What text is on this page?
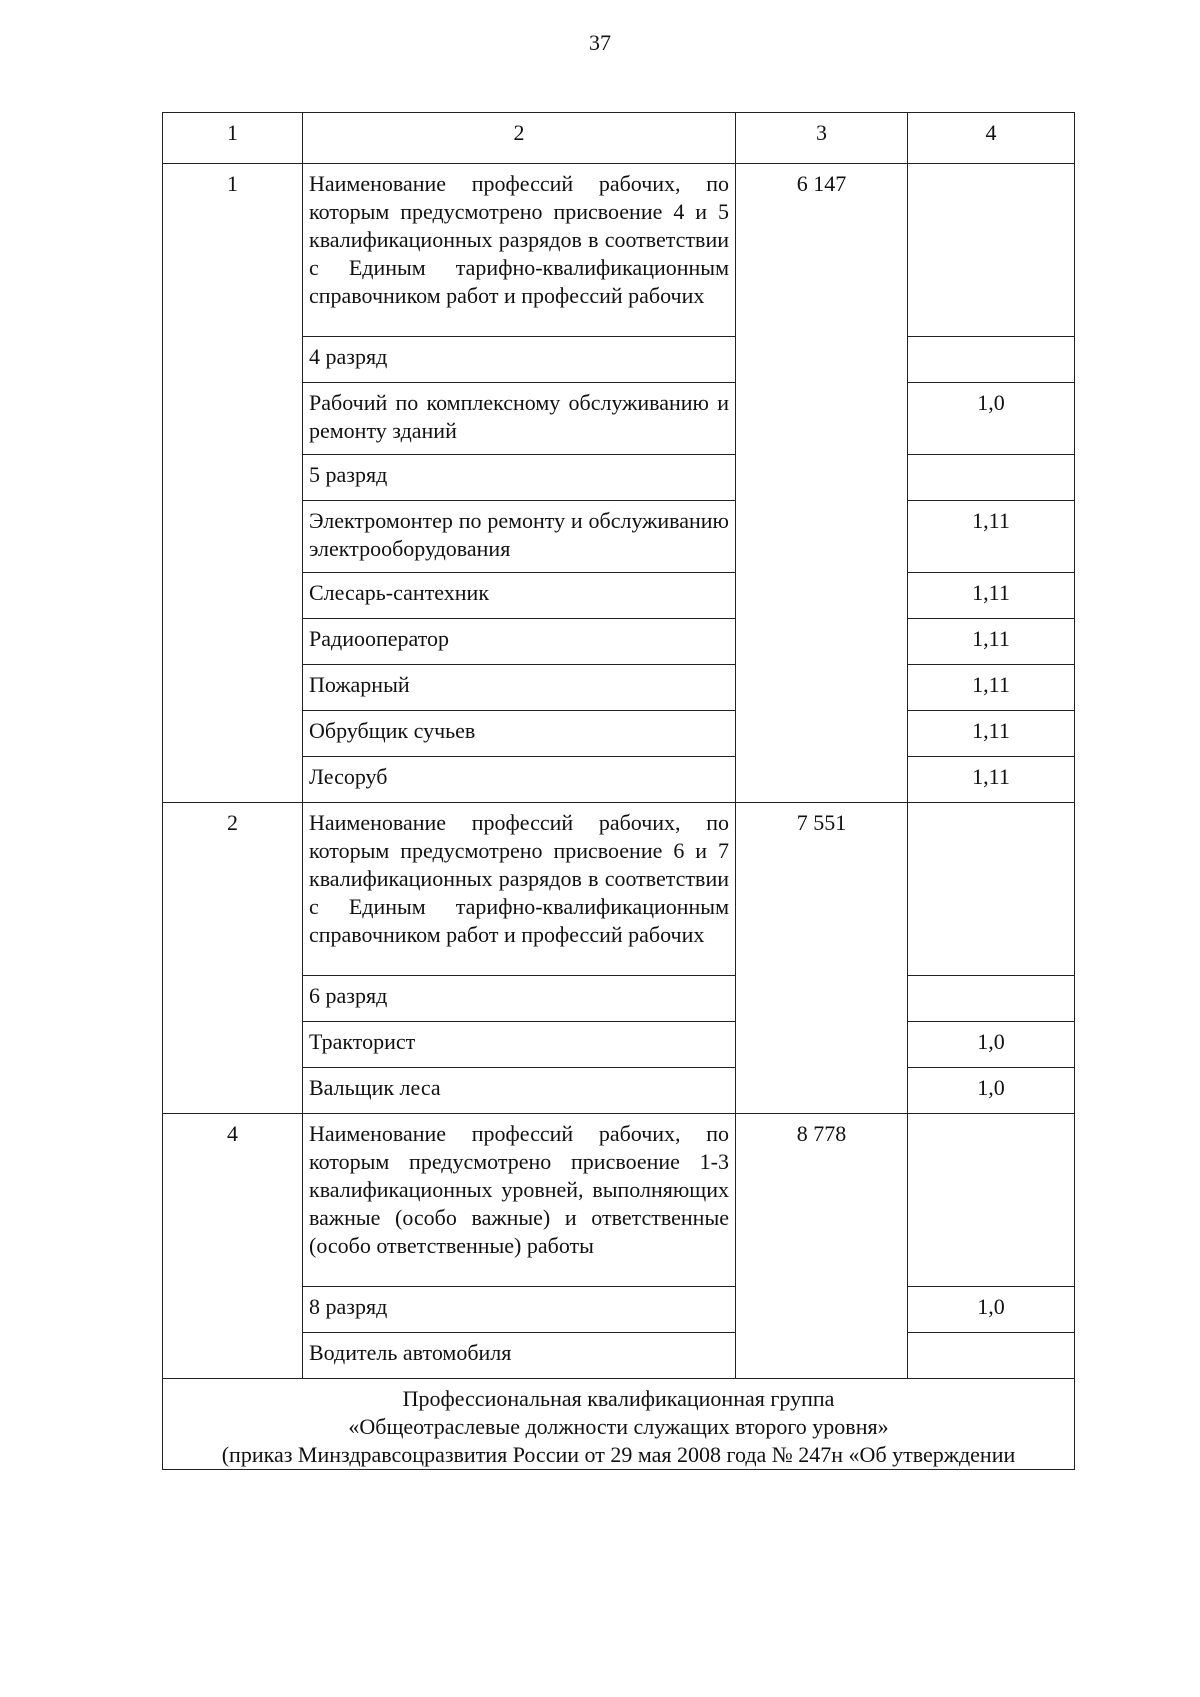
37
1	2	3	4
1	Наименование профессий рабочих, по которым предусмотрено присвоение 4 и 5 квалификационных разрядов в соответствии с Единым тарифно-квалификационным справочником работ и профессий рабочих	6 147	
	4 разряд		
	Рабочий по комплексному обслуживанию и ремонту зданий		1,0
	5 разряд		
	Электромонтер по ремонту и обслуживанию электрооборудования		1,11
	Слесарь-сантехник		1,11
	Радиооператор		1,11
	Пожарный		1,11
	Обрубщик сучьев		1,11
	Лесоруб		1,11
2	Наименование профессий рабочих, по которым предусмотрено присвоение 6 и 7 квалификационных разрядов в соответствии с Единым тарифно-квалификационным справочником работ и профессий рабочих	7 551	
	6 разряд		
	Тракторист		1,0
	Вальщик леса		1,0
4	Наименование профессий рабочих, по которым предусмотрено присвоение 1-3 квалификационных уровней, выполняющих важные (особо важные) и ответственные (особо ответственные) работы	8 778	
	8 разряд		1,0
	Водитель автомобиля		

Профессиональная квалификационная группа
«Общеотраслевые должности служащих второго уровня»
(приказ Минздравсоцразвития России от 29 мая 2008 года № 247н «Об утверждении			
